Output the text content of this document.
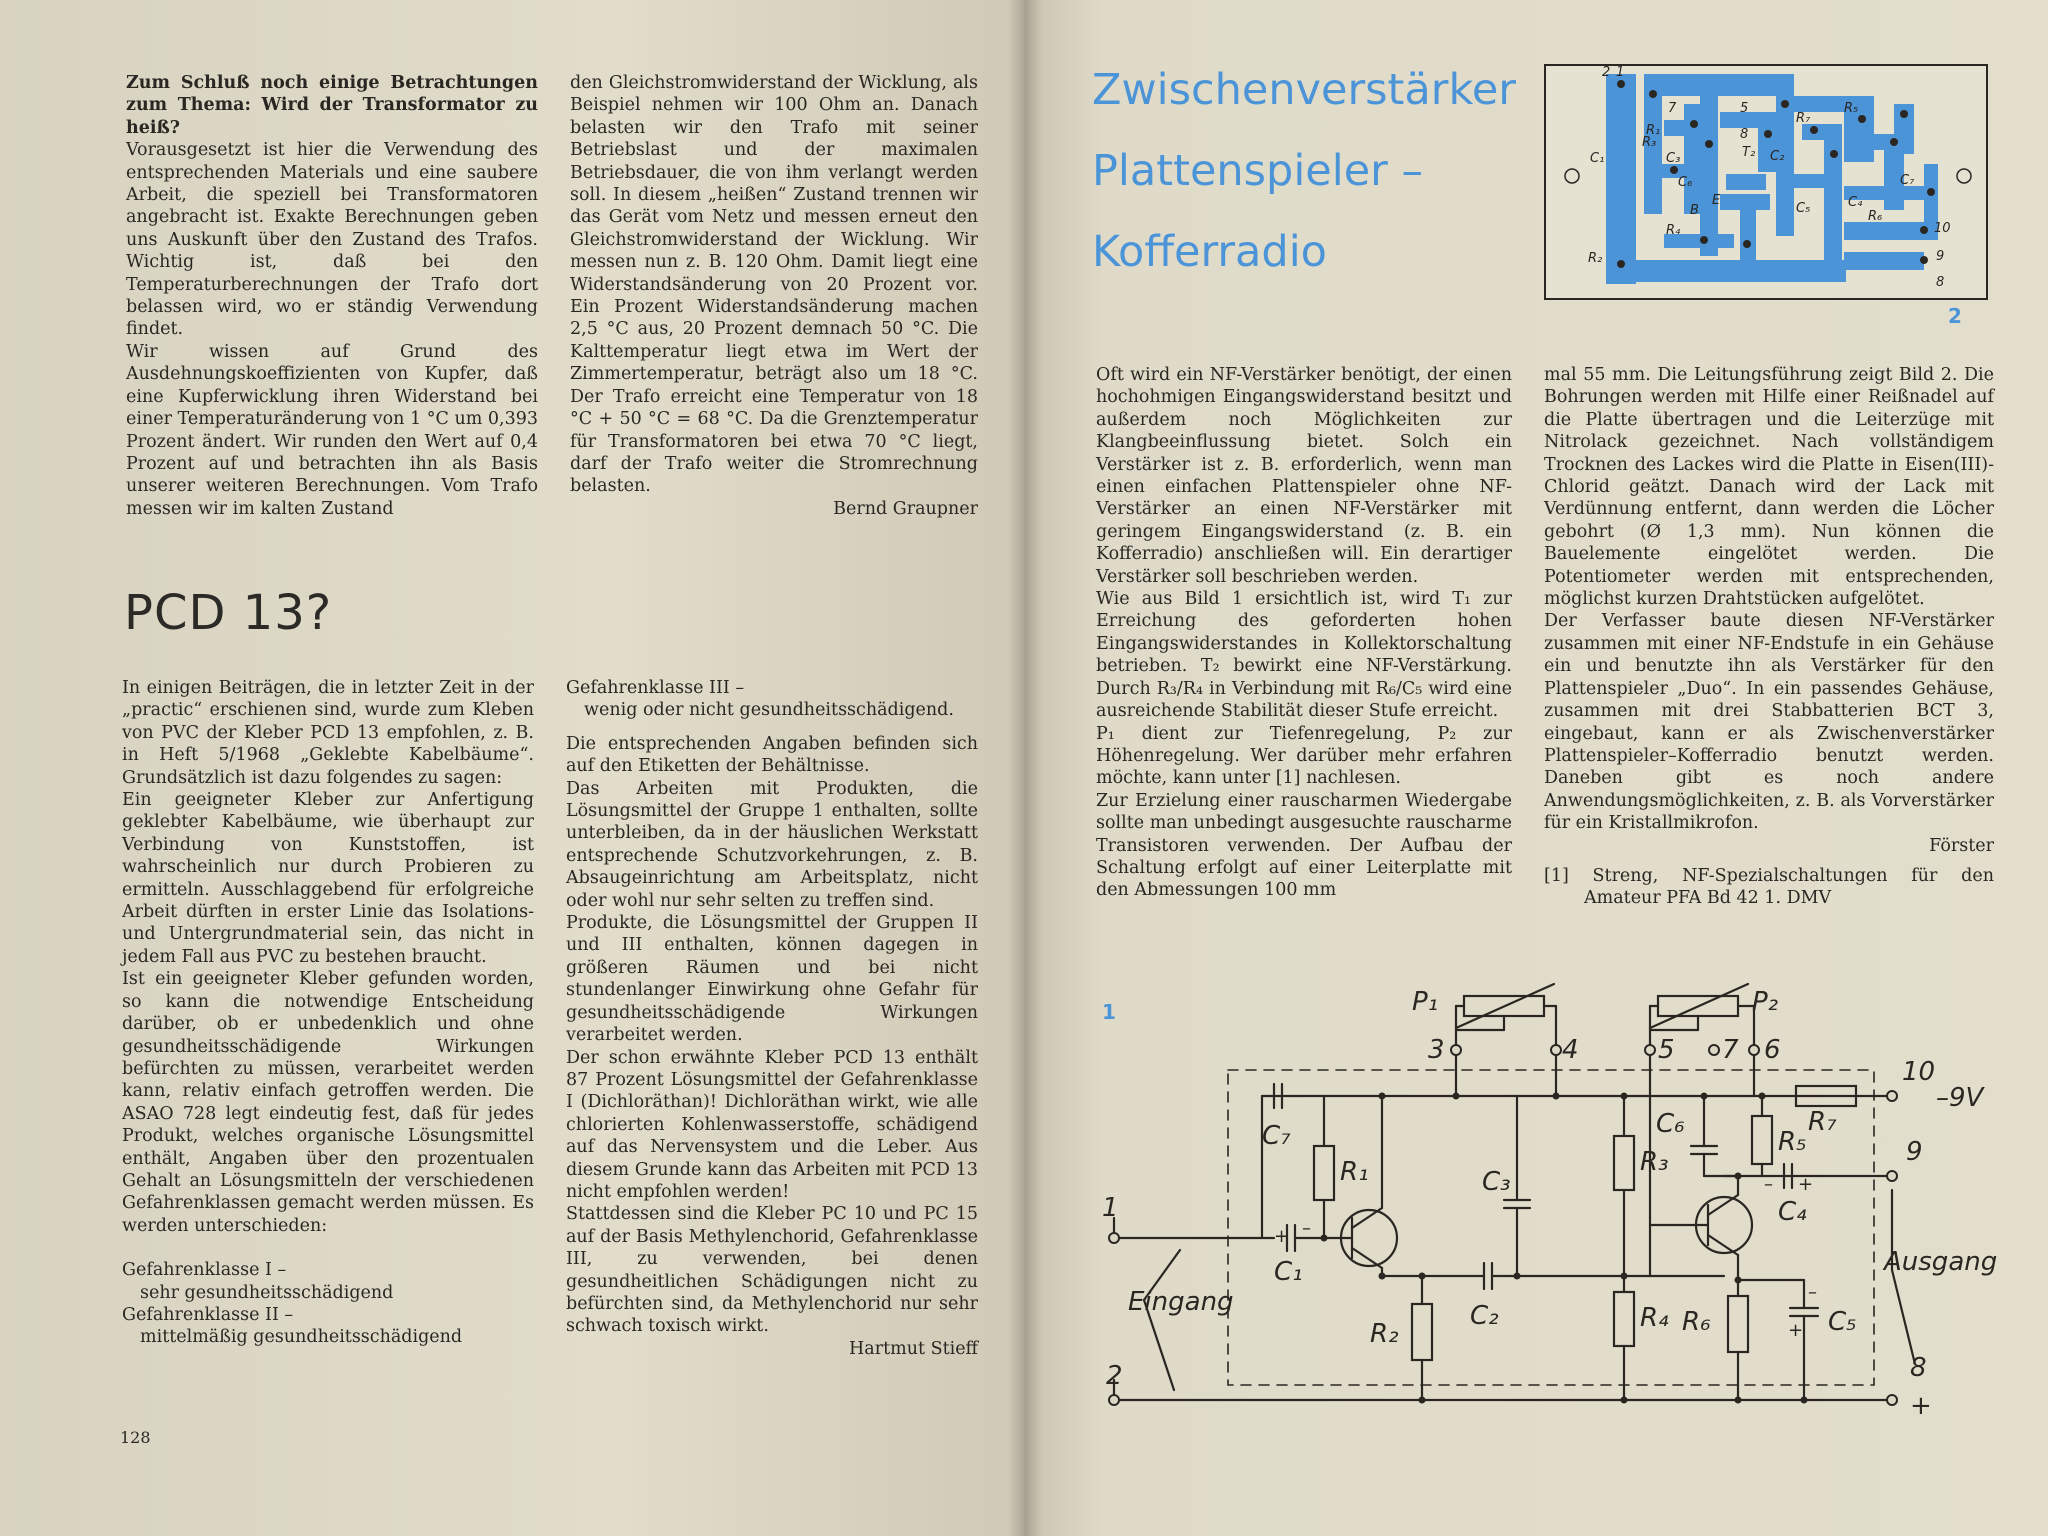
Zum Schluß noch einige Betrachtungen zum Thema: Wird der Transformator zu heiß?

Vorausgesetzt ist hier die Verwendung des entsprechenden Materials und eine saubere Arbeit, die speziell bei Transformatoren angebracht ist. Exakte Berechnungen geben uns Auskunft über den Zustand des Trafos. Wichtig ist, daß bei den Temperaturberechnungen der Trafo dort belassen wird, wo er ständig Verwendung findet.

Wir wissen auf Grund des Ausdehnungskoeffizienten von Kupfer, daß eine Kupferwicklung ihren Widerstand bei einer Temperaturänderung von 1 °C um 0,393 Prozent ändert. Wir runden den Wert auf 0,4 Prozent auf und betrachten ihn als Basis unserer weiteren Berechnungen. Vom Trafo messen wir im kalten Zustand

den Gleichstromwiderstand der Wicklung, als Beispiel nehmen wir 100 Ohm an. Danach belasten wir den Trafo mit seiner Betriebslast und der maximalen Betriebsdauer, die von ihm verlangt werden soll. In diesem „heißen“ Zustand trennen wir das Gerät vom Netz und messen erneut den Gleichstromwiderstand der Wicklung. Wir messen nun z. B. 120 Ohm. Damit liegt eine Widerstandsänderung von 20 Prozent vor. Ein Prozent Widerstandsänderung machen 2,5 °C aus, 20 Prozent demnach 50 °C. Die Kalttemperatur liegt etwa im Wert der Zimmertemperatur, beträgt also um 18 °C. Der Trafo erreicht eine Temperatur von 18 °C + 50 °C = 68 °C. Da die Grenztemperatur für Transformatoren bei etwa 70 °C liegt, darf der Trafo weiter die Stromrechnung belasten.

Bernd Graupner

PCD 13?

In einigen Beiträgen, die in letzter Zeit in der „practic“ erschienen sind, wurde zum Kleben von PVC der Kleber PCD 13 empfohlen, z. B. in Heft 5/1968 „Geklebte Kabelbäume“. Grundsätzlich ist dazu folgendes zu sagen:

Ein geeigneter Kleber zur Anfertigung geklebter Kabelbäume, wie überhaupt zur Verbindung von Kunststoffen, ist wahrscheinlich nur durch Probieren zu ermitteln. Ausschlaggebend für erfolgreiche Arbeit dürften in erster Linie das Isolations- und Untergrundmaterial sein, das nicht in jedem Fall aus PVC zu bestehen braucht.

Ist ein geeigneter Kleber gefunden worden, so kann die notwendige Entscheidung darüber, ob er unbedenklich und ohne gesundheitsschädigende Wirkungen befürchten zu müssen, verarbeitet werden kann, relativ einfach getroffen werden. Die ASAO 728 legt eindeutig fest, daß für jedes Produkt, welches organische Lösungsmittel enthält, Angaben über den prozentualen Gehalt an Lösungsmitteln der verschiedenen Gefahrenklassen gemacht werden müssen. Es werden unterschieden:

Gefahrenklasse I –
sehr gesundheitsschädigend
Gefahrenklasse II –
mittelmäßig gesundheitsschädigend
Gefahrenklasse III –
wenig oder nicht gesundheitsschädigend.

Die entsprechenden Angaben befinden sich auf den Etiketten der Behältnisse.

Das Arbeiten mit Produkten, die Lösungsmittel der Gruppe 1 enthalten, sollte unterbleiben, da in der häuslichen Werkstatt entsprechende Schutzvorkehrungen, z. B. Absaugeinrichtung am Arbeitsplatz, nicht oder wohl nur sehr selten zu treffen sind.

Produkte, die Lösungsmittel der Gruppen II und III enthalten, können dagegen in größeren Räumen und bei nicht stundenlanger Einwirkung ohne Gefahr für gesundheitsschädigende Wirkungen verarbeitet werden.

Der schon erwähnte Kleber PCD 13 enthält 87 Prozent Lösungsmittel der Gefahrenklasse I (Dichloräthan)! Dichloräthan wirkt, wie alle chlorierten Kohlenwasserstoffe, schädigend auf das Nervensystem und die Leber. Aus diesem Grunde kann das Arbeiten mit PCD 13 nicht empfohlen werden!

Stattdessen sind die Kleber PC 10 und PC 15 auf der Basis Methylenchorid, Gefahrenklasse III, zu verwenden, bei denen gesundheitlichen Schädigungen nicht zu befürchten sind, da Methylenchorid nur sehr schwach toxisch wirkt.

Hartmut Stieff

128
Zwischenverstärker
Plattenspieler –
Kofferradio
2 1
7	5
8
T₂
R₇
R₅
R₁
C₂
C₁	C₃
C₄
C₅
C₆	C₇
R₂
R₃
R₄
R₆
B
E
10
9
8
2

Oft wird ein NF-Verstärker benötigt, der einen hochohmigen Eingangswiderstand besitzt und außerdem noch Möglichkeiten zur Klangbeeinflussung bietet. Solch ein Verstärker ist z. B. erforderlich, wenn man einen einfachen Plattenspieler ohne NF-Verstärker an einen NF-Verstärker mit geringem Eingangswiderstand (z. B. ein Kofferradio) anschließen will. Ein derartiger Verstärker soll beschrieben werden.

Wie aus Bild 1 ersichtlich ist, wird T₁ zur Erreichung des geforderten hohen Eingangswiderstandes in Kollektorschaltung betrieben. T₂ bewirkt eine NF-Verstärkung. Durch R₃/R₄ in Verbindung mit R₆/C₅ wird eine ausreichende Stabilität dieser Stufe erreicht.

P₁ dient zur Tiefenregelung, P₂ zur Höhenregelung. Wer darüber mehr erfahren möchte, kann unter [1] nachlesen.

Zur Erzielung einer rauscharmen Wiedergabe sollte man unbedingt ausgesuchte rauscharme Transistoren verwenden. Der Aufbau der Schaltung erfolgt auf einer Leiterplatte mit den Abmessungen 100 mm

mal 55 mm. Die Leitungsführung zeigt Bild 2. Die Bohrungen werden mit Hilfe einer Reißnadel auf die Platte übertragen und die Leiterzüge mit Nitrolack gezeichnet. Nach vollständigem Trocknen des Lackes wird die Platte in Eisen(III)-Chlorid geätzt. Danach wird der Lack mit Verdünnung entfernt, dann werden die Löcher gebohrt (Ø 1,3 mm). Nun können die Bauelemente eingelötet werden. Die Potentiometer werden mit entsprechenden, möglichst kurzen Drahtstücken aufgelötet.

Der Verfasser baute diesen NF-Verstärker zusammen mit einer NF-Endstufe in ein Gehäuse ein und benutzte ihn als Verstärker für den Plattenspieler „Duo“. In ein passendes Gehäuse, zusammen mit drei Stabbatterien BCT 3, eingebaut, kann er als Zwischenverstärker Plattenspieler–Kofferradio benutzt werden. Daneben gibt es noch andere Anwendungsmöglichkeiten, z. B. als Vorverstärker für ein Kristallmikrofon.

Förster

[1] Streng, NF-Spezialschaltungen für den Amateur PFA Bd 42 1. DMV

1	P₁	P₂
3	4	5 7 6
10
–9V
9
1
2	8
C₇
R₁	C₃
R₃
C₆
R₅
R₇
C₄
C₁
R₂
C₂	R₄ R₆	C₅
Eingang
Ausgang
+
+ –
– +
–
+
